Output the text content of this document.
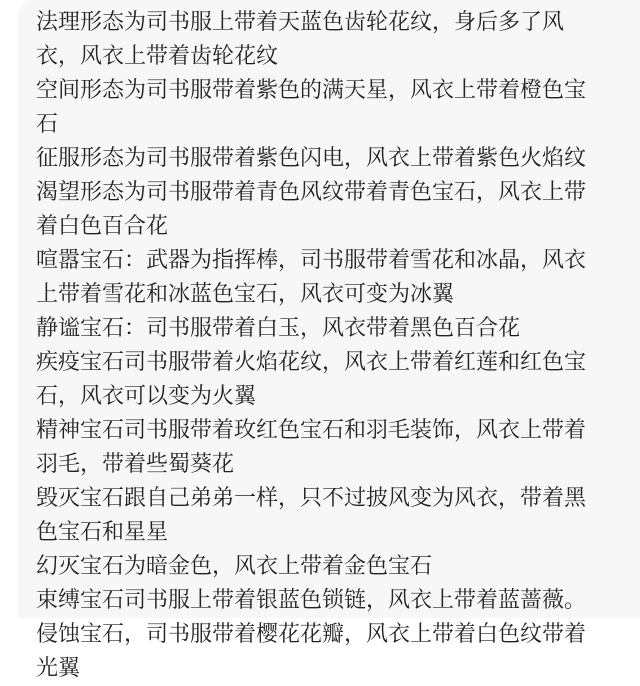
法理形态为司书服上带着天蓝色齿轮花纹，身后多了风

衣，风衣上带着齿轮花纹

空间形态为司书服带着紫色的满天星，风衣上带着橙色宝

石

征服形态为司书服带着紫色闪电，风衣上带着紫色火焰纹

渴望形态为司书服带着青色风纹带着青色宝石，风衣上带

着白色百合花

喧嚣宝石：武器为指挥棒，司书服带着雪花和冰晶，风衣

上带着雪花和冰蓝色宝石，风衣可变为冰翼

静谧宝石：司书服带着白玉，风衣带着黑色百合花

疾疫宝石司书服带着火焰花纹，风衣上带着红莲和红色宝

石，风衣可以变为火翼

精神宝石司书服带着玫红色宝石和羽毛装饰，风衣上带着

羽毛，带着些蜀葵花

毁灭宝石跟自己弟弟一样，只不过披风变为风衣，带着黑

色宝石和星星

幻灭宝石为暗金色，风衣上带着金色宝石

束缚宝石司书服上带着银蓝色锁链，风衣上带着蓝蔷薇。

侵蚀宝石，司书服带着樱花花瓣，风衣上带着白色纹带着

光翼
